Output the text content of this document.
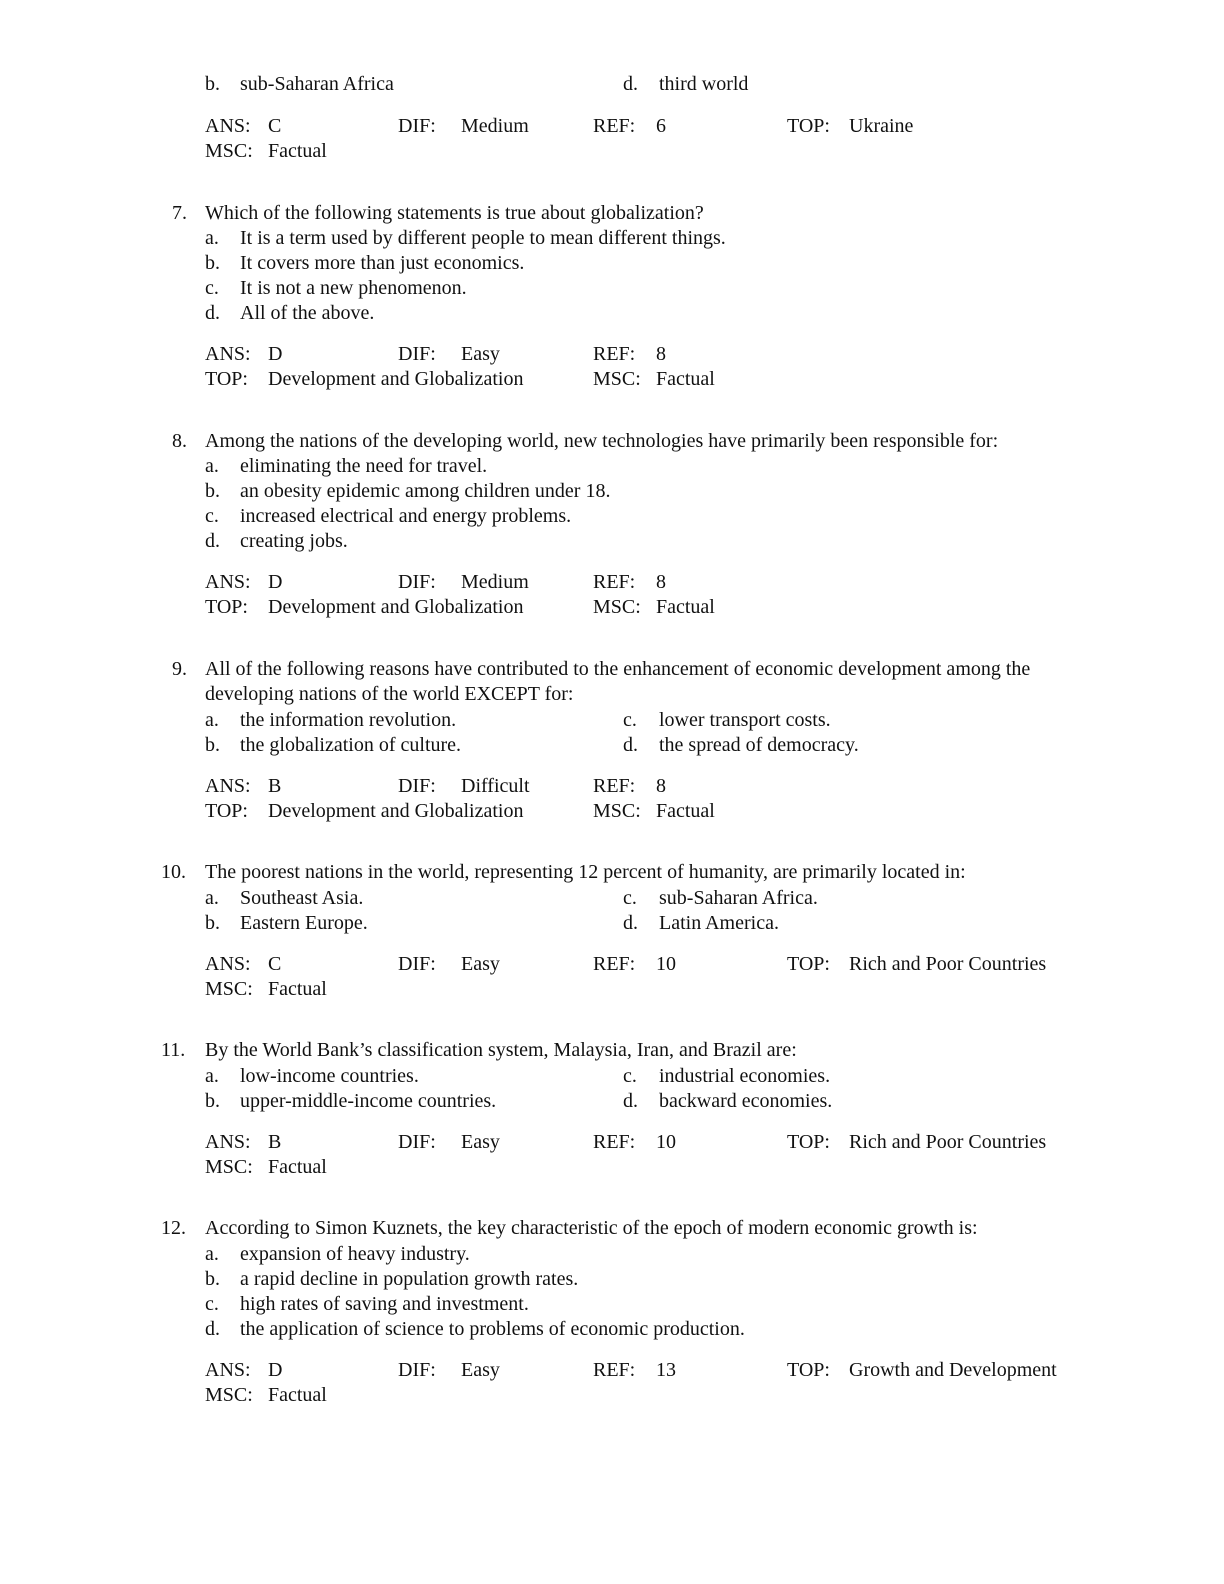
b. sub-Saharan Africa	d. third world
ANS: C	DIF: Medium	REF: 6	TOP: Ukraine
MSC: Factual
7. Which of the following statements is true about globalization?
a. It is a term used by different people to mean different things.
b. It covers more than just economics.
c. It is not a new phenomenon.
d. All of the above.
ANS: D	DIF: Easy	REF: 8
TOP: Development and Globalization	MSC: Factual
8. Among the nations of the developing world, new technologies have primarily been responsible for:
a. eliminating the need for travel.
b. an obesity epidemic among children under 18.
c. increased electrical and energy problems.
d. creating jobs.
ANS: D	DIF: Medium	REF: 8
TOP: Development and Globalization	MSC: Factual
9. All of the following reasons have contributed to the enhancement of economic development among the
developing nations of the world EXCEPT for:
a. the information revolution.
b. the globalization of culture.
c. lower transport costs.
d. the spread of democracy.
ANS: B	DIF: Difficult	REF: 8
TOP: Development and Globalization	MSC: Factual
10. The poorest nations in the world, representing 12 percent of humanity, are primarily located in:
a. Southeast Asia.
b. Eastern Europe.
c. sub-Saharan Africa.
d. Latin America.
ANS: C	DIF: Easy	REF: 10	TOP: Rich and Poor Countries
MSC: Factual
11. By the World Bank’s classification system, Malaysia, Iran, and Brazil are:
a. low-income countries.
b. upper-middle-income countries.
c. industrial economies.
d. backward economies.
ANS: B	DIF: Easy	REF: 10	TOP: Rich and Poor Countries
MSC: Factual
12. According to Simon Kuznets, the key characteristic of the epoch of modern economic growth is:
a. expansion of heavy industry.
b. a rapid decline in population growth rates.
c. high rates of saving and investment.
d. the application of science to problems of economic production.
ANS: D	DIF: Easy	REF: 13	TOP: Growth and Development
MSC: Factual
